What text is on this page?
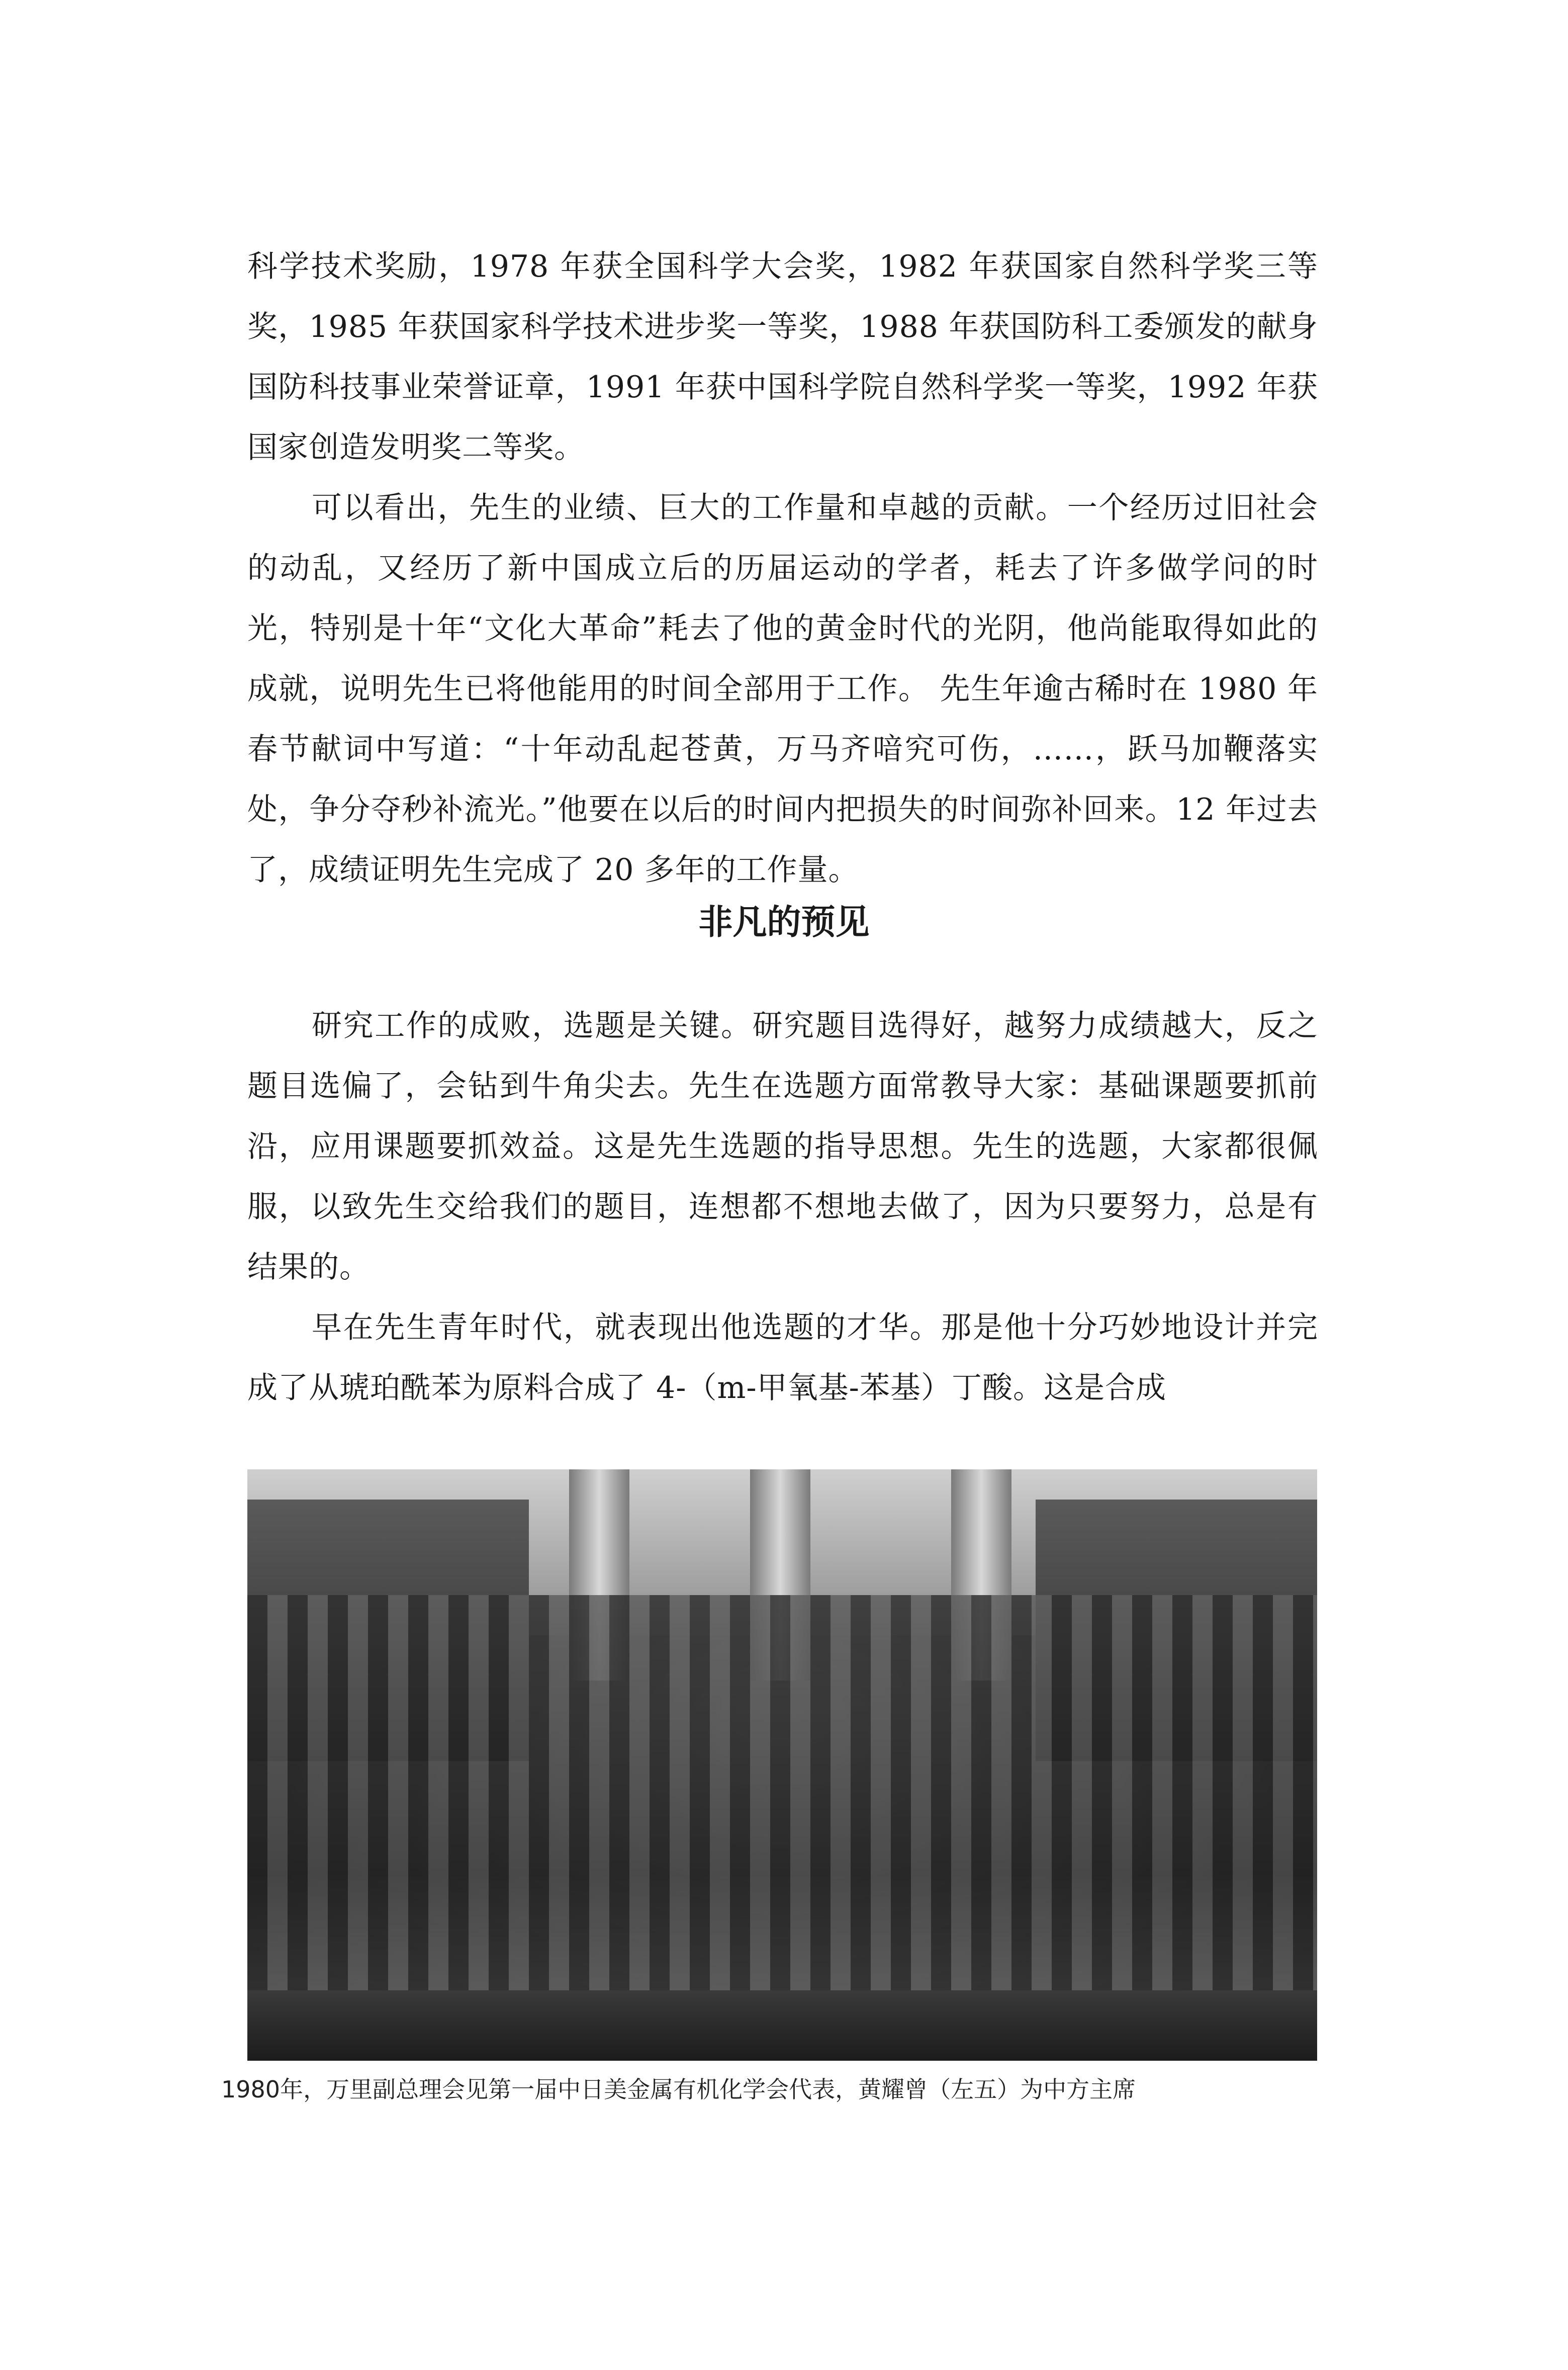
科学技术奖励，1978 年获全国科学大会奖，1982 年获国家自然科学奖三等奖，1985 年获国家科学技术进步奖一等奖，1988 年获国防科工委颁发的献身国防科技事业荣誉证章，1991 年获中国科学院自然科学奖一等奖，1992 年获国家创造发明奖二等奖。

可以看出，先生的业绩、巨大的工作量和卓越的贡献。一个经历过旧社会的动乱，又经历了新中国成立后的历届运动的学者，耗去了许多做学问的时光，特别是十年“文化大革命”耗去了他的黄金时代的光阴，他尚能取得如此的成就，说明先生已将他能用的时间全部用于工作。 先生年逾古稀时在 1980 年春节献词中写道：“十年动乱起苍黄，万马齐喑究可伤，……，跃马加鞭落实处，争分夺秒补流光。”他要在以后的时间内把损失的时间弥补回来。12 年过去了，成绩证明先生完成了 20 多年的工作量。

非凡的预见

研究工作的成败，选题是关键。研究题目选得好，越努力成绩越大，反之题目选偏了，会钻到牛角尖去。先生在选题方面常教导大家：基础课题要抓前沿，应用课题要抓效益。这是先生选题的指导思想。先生的选题，大家都很佩服，以致先生交给我们的题目，连想都不想地去做了，因为只要努力，总是有结果的。

早在先生青年时代，就表现出他选题的才华。那是他十分巧妙地设计并完成了从琥珀酰苯为原料合成了 4-（m-甲氧基-苯基）丁酸。这是合成

1980年，万里副总理会见第一届中日美金属有机化学会代表，黄耀曾（左五）为中方主席
